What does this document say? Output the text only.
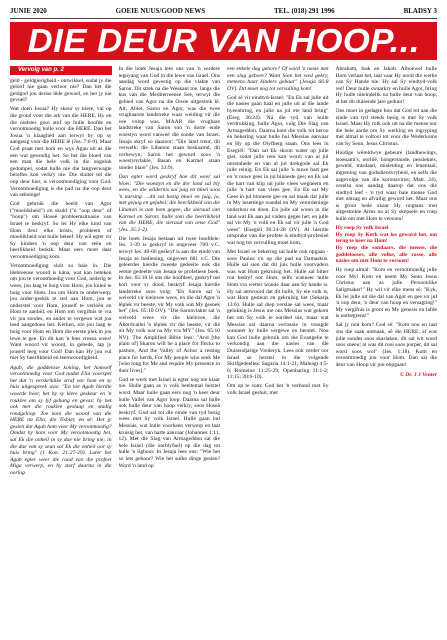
JUNIE 2020	GOEIE NUUS/GOOD NEWS	TEL. (018) 291 1996	BLADSY 3
DIE DEUR VAN HOOP...
Vervolg van p. 2

geld - geldgierigheid - ontwikkel, sodat jy die geloof nie gaan verloor nie? Dan het die geldgod jou derise lêde gewoel, en het jy nie gevoel?

Wat doen Josua? Hy skeur sy klere, val op die grond voor die ark van die HERE. Hy en die oudstes gooi stof op hulle hoofde en verootmoedig hulle voor die HERE. Dan het Josua 'n klaaglied aan terwyl hy op sy aangesig voor die HERE lê (Jos. 7:6-9). Maar God praat met hom en wys Agan uit as die een wat gesondig het. So het die bloed van een man die hele volk in die ongeluk gedompel, sodat hulle nie die langverwagte beloftes kon verkry nie. Die sluiter tot die oop deur hier, is verootmoediging voor God. Verootmoediging is die pad na die oop deur van seëninge!

God gebruik die beeld van Agor ("moeilikheid") en skuld ("n "oop deur" of "hoop") om Hoseë probleemsituasie van Israel te beskryf. So lei Hy elke kind van Hom deur elke krisis, probleem of moeilikheid wat hulle beleef. Hy wil egter vir Sy kinders 'n oop deur van seën en heerlikheid beskik. Maar eers moet daar verootmoediging kom.

Verootmoediging sluit so baie in. Die Hebreeuse woord is kâna, wat kan beteken om jou te verootmoedig voor God, nederig te wees, jou laag te buig voor Hom, jou knieë te buig voor Hom. Jou om Hom te onderwerp; jou onder-geskik te stel aan Hom, jou te onderstel voor Hom, jouself te verloën en Hom te aanbid, en Hom om vergifnis te vra vir jou sondes, en ander te vergewe wat jou leed aangedoen het. Kerken, om jou laag te buig voor Hom en Hom die eerste plek in jou lewe te gee. En dit kan 'n fees vreesa wees! Want woord vir woord, in gebede, tap jy jouself leeg voor God! Dan kan Hy jou vul met Sy heerlikheid en teenwoordigheid.

Agab, die goddelose koning, het homself verootmoedig voor God nadat Elia voorspel het dat 'n verskriklike straf oor hom en sy huis uitgespreek was: "En toe Agab hierdie woorde hoor, het hy sy klere geskeur en 'n rouklee om sy lyf gehang en gevas; hy het ook met die rouklee geslaap en stadig rondgeloop. Toe kom die woord van die HERE na Elia, die Tisbiet, en sê: Het jy gesien dat Agab hom voor My verootmoedig? Omdat hy hom voor My verootmoedig het, sal Ek die onheil in sy dae nie bring nie; in die dae van sy seun sal Ek die onheil oor sy huis bring" (1 Kon. 21:27-29). Later het Agab egter weer die raad van die profeet Miga verwerp, en hy sterf daarna in die oorlog.

In die boek Jesaja lees ons van 'n verdere tegnyang van God in die lewe van Israel. Ons aandag word gevestig op die vlakte van Saron. Dit strek na die Weskant toe, langs die kus van die Mediterreense See, terwyl die gebied van Agor na die Ooste uitgestrek lê. Ait, Ablet, Saron en Agor, was die twee vrugbaarste landstreke waar weiding vir die vee volop was. MAAR die vrugbare landstreke van Saron sou 'n dorre ende woestyn word vanweë die sonde van Israel. Jesaja skryf so daaroor: "Die land treur, dit verwelk; die Libanon staan beskaamd, dit verhewyn; Saron het geword soos 'n woestynvlakte, Basan en Karmel staan sonder blare" (Jes. 33:9).

Dan egter word geskryf hoe dit weer sal bloei: "Die woestyn en die dor land sal bly wees, en die wildernis sal juig en bloei soos 'n narsing. ...dit sal lustig bloei en juig, ja, met gejuig en gejubel; die heerlikheid van die Libanon is aan hom gegee, die sieraad van Karmel en Saron; hulle sien die heerlikheid van die HERE, die sieraad van onse God" (Jes. 35:1-2).

Die boek Jesaja bestaan uit twee hoofdele: Jes. 1-39 is geskryf in ongeveer 700 v.C. terwyl Jes. 40-66 geskryf is aan die einde van Jesaja se bediening, ongeveer 681 v.C. Die geleerdes hierdie tweede gedeelte ook die eerste gedeelte van Jesaja se profetiese boek. In Jes. 65:10 lê ons die hoofdeel, geskryf net kort voor sy dood, beskryf Jesaja hierdie landstreke soos volg: "En Saron sal 'n weiveld vir kleinvee wees, en die dal Agor 'n lêplek vir beeste, vir My volk wat My gesoek het" (Jes. 65:10 OV). "Die Saronvlakte sal 'n weiveld wees vir die kleinvee, die Akordvallei 'n lêplek vir die beeste, vir dié uit My volk wat na My vra MY" (Jes. 65:10 NV). The Amplified Bible lees: "And [the plain of] Sharon will be a place for flocks to pasture, And the Valley of Achor a resting place for herds, For My people who seek Me [who long for Me and require My presence in their lives]."

God se werk met Israel is egter nog nie klaar nie. Hulle gaan as 'n volk heeltemal herstel word. Maar hulle gaan eers nog 'n keer deur hulle Vallei van Agor loop. Daarna sal hulle ook hulle deur van hoop verkry, soos Hoseä beskryf. God sal tot die einde van tyd besig wees met Sy volk Israel. Hulle gaan hul Messias, wat hulle voorheen verwerp en laat kruisig het, van harte aanvaar (Johannes 1:11, 12). Met die Slag van Armageddon sal die hele Israel (die oorblyfsel) op die dag tot hulle 'n lighoor. In Jesaja lees ons: "Wie het so iets gehoor? Wie het sulke dinge gesien? Word 'n land op

een enkele dag gebore? Of word 'n nasie met een slag gebore? Want Sion het wed gekry, meteens haar kinders gebaar" (Jesaja 66:8 OV). Dit moet nog tot vervulling kom!

God sê vir eindtyd-Israel: "En Ek sal julle uit die nasies gaan haal en julle uit al die lande byeenbring, en julle na jul eie land bring" (Eseg 36:24). Ná die tyd van hulle verdrukking, hulle Agor, volg Die Slag van Armageddon. Daarna kom die volk tot berou en bekering waar hulle hul Messias aanvaar en Hy op die Olyfberg staan. Ons lees in Esegiël: "Dan sal Ek skoon water op julle giet, sodat julle rein kan word; van al jul onreinhede en van al jul drekgode sal Ek julle reinig. En Ek sal julle 'n nuwe hart gee en 'n nuwe gees in jul binneste gee; en Ek sal die hart van klip uit julle vlees wegneem en julle 'n hart van vlees gee. En Ek sal My Gees in jul binneste gee en sal maak dat julle in My insettinge wandel en My verordeninge onderhou en doen. En julle sal woon in die land wat Ek aan jul vaders gegee het; en julle sal vir My 'n volk en Ek sal vir julle 'n God wees" (Esegiël 36:24-28 OV). Al hierdie uitsprake van die profete is eindtyd-profesieë wat nog tot vervulling moet kom.

Met Israel se bekering sal hulle ook opgaan - soos Paulus s'n op die pad na Damaskus. Hulle sal sien dat dit juis hulle voorvaders was wat Hom gekruisig het. Hulle sal bitter rou bedryf oor Hom, selfs wanneer hulle Hom vra wetter wonde daar aan Sy hande is. Hy sal antwoord dat dit hulle, Sy eie volk is, wat Hom gesteun en gekruisig het (Sekarja 13:6). Hulle sal diep verslae sal wees, maar gelukkig is Jesus nie ons Messias wat gekom het om Sy volk te oordeel nie, maar wat Messias sal daarna verrassie in vreugde wanneer hy hulle vergewe en herstel. Nou kan God hulle gebruik om die Evangelie te verkondig aan die nasies van die Duisendjarige Vrederyk. Lees ook verder oor Israel se herstel in die volgende Skrifgedeeltes: Sagaria 14:1-21; Maleagi 4:5-6; Romeine 11:25-29; Openbaring 11:1-2; 11:15; 20:6-10).

Om op te som: God het 'n verbond met Sy volk Israel gesluit, met

Abraham, Isak en Jakob. Alhoewel hulle Hom verlaat het, laat vaar Hy nooit die werke van Sy Hande nie. Hy sal Sy eindtyd-volk red! Deur hulle swaarkry en hulle Agor, bring Hy hulle uiteindelik na hulle deur van hoop, al het dit duisende jare geduur!

Ons moet in gedagte hou dat God tot aan die einde van tyd steeds besig is met Sy volk Israel. Maar Hy rolk ook uit na die mense oor die hele aarde om Sy werking en ingryping met almal te voltooi tot voor die Wederkoms van Sy Seun, Jesus Christus.

Huidige wêreldwye gebeure (landbewings, tsoenami's, oorlôë, hongersnode, pessiektes, geweld, misdaad, misleiding en leuentaal, ingrening van godsdiensvryheid, en selfs die nagevolge van die koronavirus; Matt. 24), vereisa ons aandag daarop dat ons die eindtyd leef - 'n tyd waar baie mense God met ontsag en afvallig geword het. Maar ons is groot hede skaar Hy nogtans met uitgestrekte Arms na al Sy skepsele en roep hulle om met Hom te versoen!

Hy roep Sy volk Israel
Hy roep Sy Kerk wat los geword het, om terug te keer na Hom!
Hy roep die sondaars, die mense, die goddelooses, alle volke, alle rasse, alle nasies om met Hom te versoen!

Hy roep almal: "Kom en verootmoedig julle voor My! Kom en neem My Seun Jesus Christus aan as julle Persoonlike Saligmaker!" Hy wil vir elke mens sê: "Kyk, Ek lei julle uit die dal van Agor en gee vir jul 'n oop deur, 'n deur van hoop en versagting!" My vergifnis is groot en My genesis en lafde is ontbegrens!"

Sal jy nóú kom? God sê: "Kom nou en laat ons die saak uitmaak, sê die HERE; al was julle sondes soos skarlaken, dit sal wit word soos sneeu; al was dit rooi soos purper, dit sal word soos wol" (Jes. 1:18). Kom en verootmoedig jou voor Hom. Dan sal die deur van Hoop vir jou oopgaan!

© Dr. J J Venter
